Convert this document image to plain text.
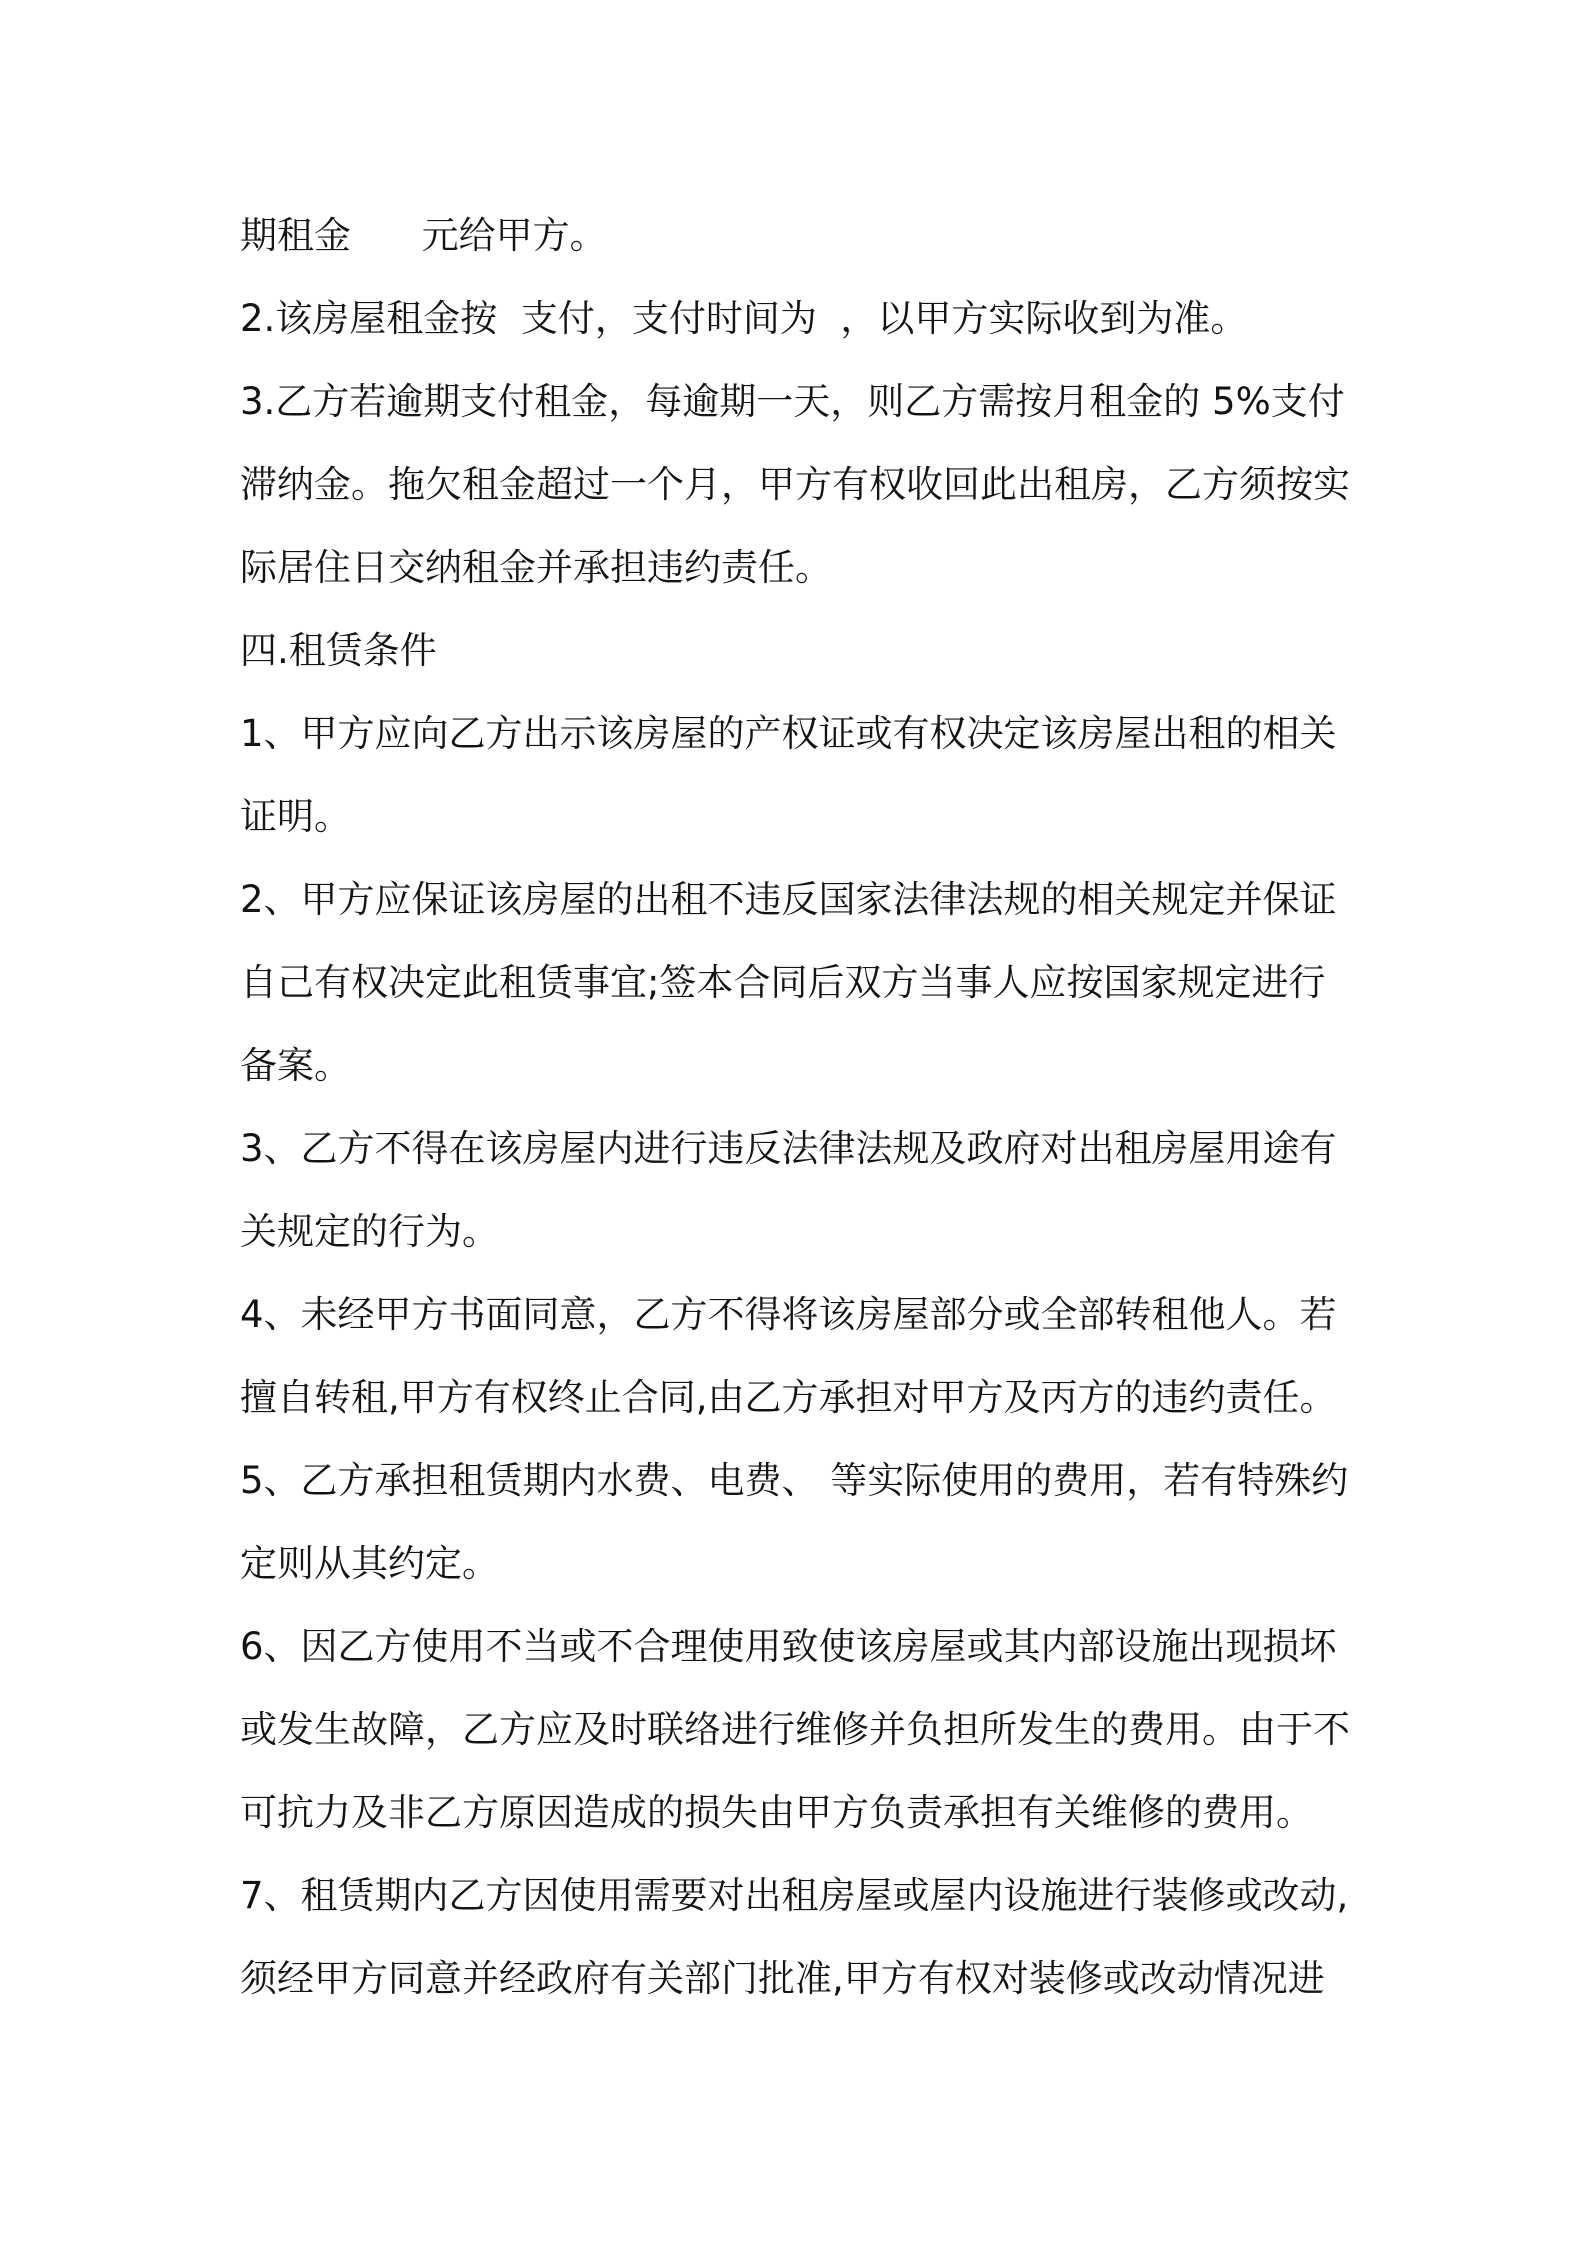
期租金      元给甲方。
2.该房屋租金按  支付，支付时间为  ，以甲方实际收到为准。
3.乙方若逾期支付租金，每逾期一天，则乙方需按月租金的 5%支付
滞纳金。拖欠租金超过一个月，甲方有权收回此出租房，乙方须按实
际居住日交纳租金并承担违约责任。
四.租赁条件
1、甲方应向乙方出示该房屋的产权证或有权决定该房屋出租的相关
证明。
2、甲方应保证该房屋的出租不违反国家法律法规的相关规定并保证
自己有权决定此租赁事宜;签本合同后双方当事人应按国家规定进行
备案。
3、乙方不得在该房屋内进行违反法律法规及政府对出租房屋用途有
关规定的行为。
4、未经甲方书面同意，乙方不得将该房屋部分或全部转租他人。若
擅自转租,甲方有权终止合同,由乙方承担对甲方及丙方的违约责任。
5、乙方承担租赁期内水费、电费、 等实际使用的费用，若有特殊约
定则从其约定。
6、因乙方使用不当或不合理使用致使该房屋或其内部设施出现损坏
或发生故障，乙方应及时联络进行维修并负担所发生的费用。由于不
可抗力及非乙方原因造成的损失由甲方负责承担有关维修的费用。
7、租赁期内乙方因使用需要对出租房屋或屋内设施进行装修或改动,
须经甲方同意并经政府有关部门批准,甲方有权对装修或改动情况进
